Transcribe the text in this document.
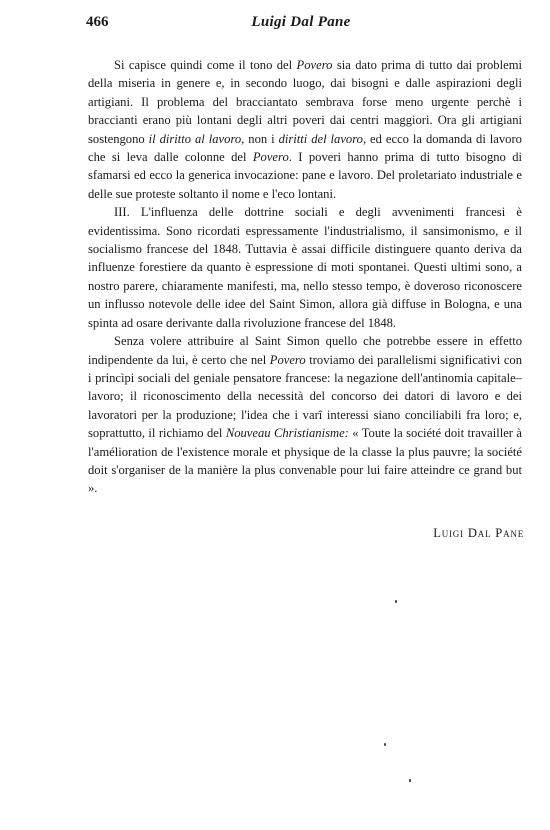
466	Luigi Dal Pane

Si capisce quindi come il tono del Povero sia dato prima di tutto dai problemi della miseria in genere e, in secondo luogo, dai bisogni e dalle aspirazioni degli artigiani. Il problema del bracciantato sembrava forse meno urgente perchè i braccianti erano più lontani degli altri poveri dai centri maggiori. Ora gli artigiani sostengono il diritto al lavoro, non i diritti del lavoro, ed ecco la domanda di lavoro che si leva dalle colonne del Povero. I poveri hanno prima di tutto bisogno di sfamarsi ed ecco la generica invocazione: pane e lavoro. Del proletariato industriale e delle sue proteste soltanto il nome e l'eco lontani.

III. L'influenza delle dottrine sociali e degli avvenimenti francesi è evidentissima. Sono ricordati espressamente l'industrialismo, il sansimonismo, e il socialismo francese del 1848. Tuttavia è assai difficile distinguere quanto deriva da influenze forestiere da quanto è espressione di moti spontanei. Questi ultimi sono, a nostro parere, chiaramente manifesti, ma, nello stesso tempo, è doveroso riconoscere un influsso notevole delle idee del Saint Simon, allora già diffuse in Bologna, e una spinta ad osare derivante dalla rivoluzione francese del 1848.

Senza volere attribuire al Saint Simon quello che potrebbe essere in effetto indipendente da lui, è certo che nel Povero troviamo dei parallelismi significativi con i princìpi sociali del geniale pensatore francese: la negazione dell'antinomia capitale–lavoro; il riconoscimento della necessità del concorso dei datori di lavoro e dei lavoratori per la produzione; l'idea che i varî interessi siano conciliabili fra loro; e, soprattutto, il richiamo del Nouveau Christianisme: « Toute la société doit travailler à l'amélioration de l'existence morale et physique de la classe la plus pauvre; la société doit s'organiser de la manière la plus convenable pour lui faire atteindre ce grand but ».

Luigi Dal Pane
